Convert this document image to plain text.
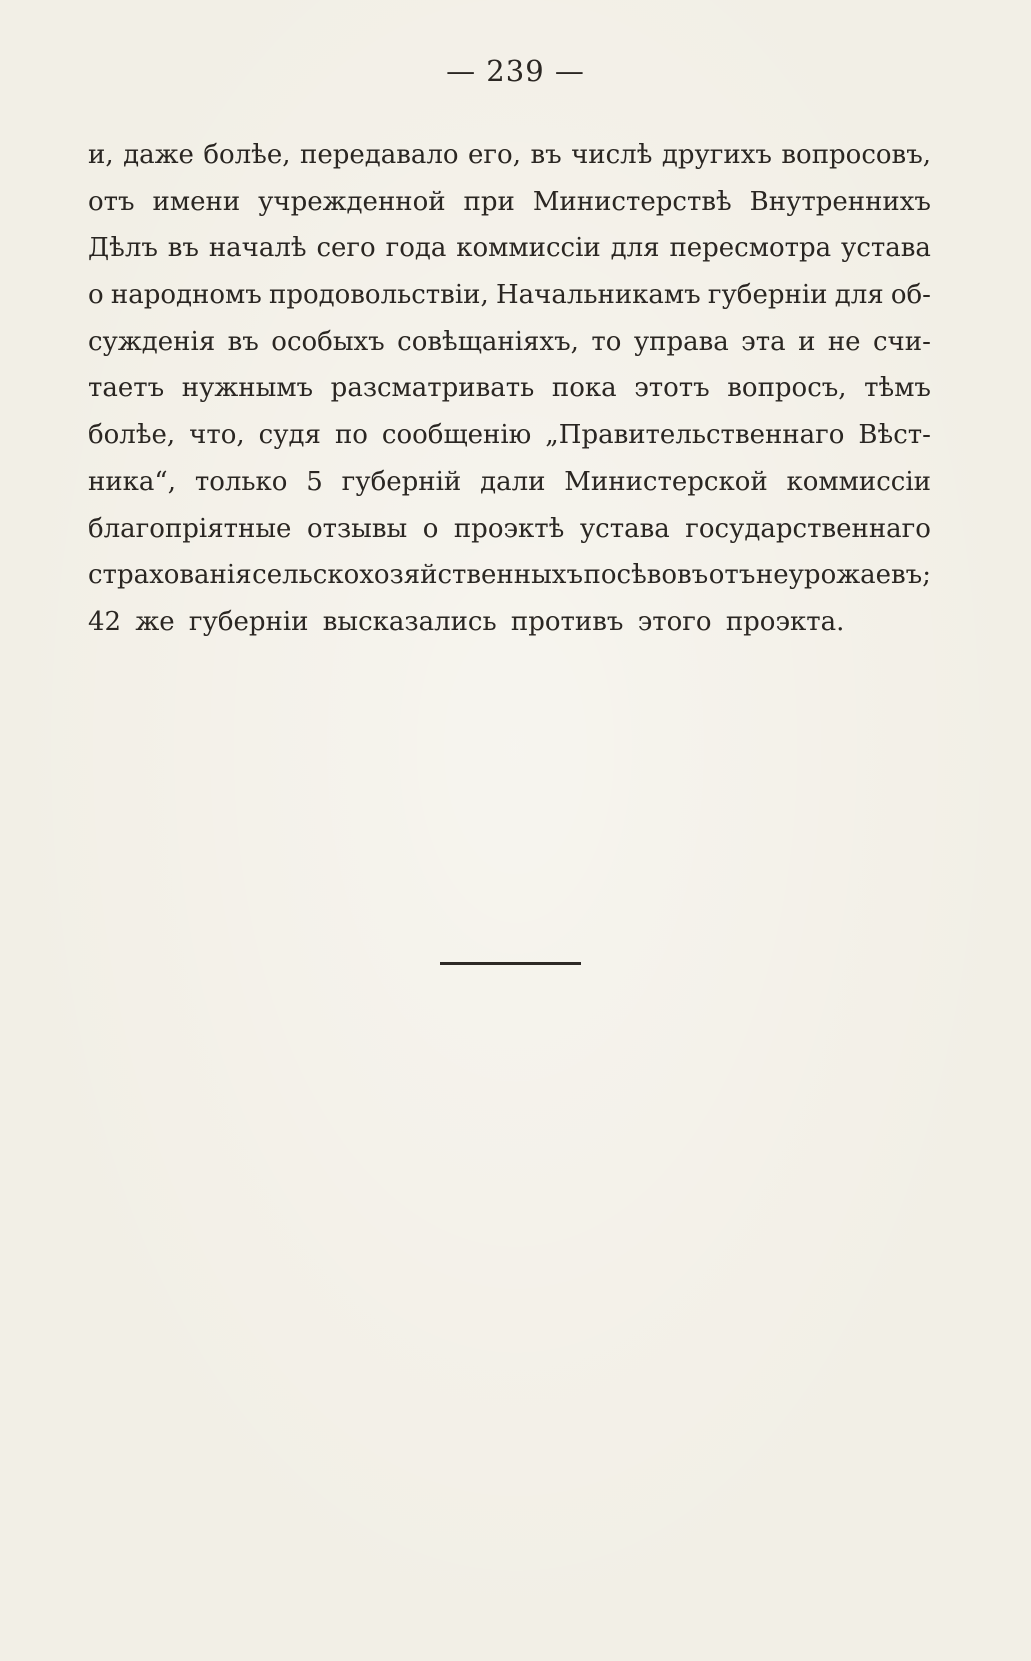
— 239 —
и, даже болѣе, передавало его, въ числѣ другихъ вопросовъ,
отъ имени учрежденной при Министерствѣ Внутреннихъ
Дѣлъ въ началѣ сего года коммиссіи для пересмотра устава
о народномъ продовольствіи, Начальникамъ губерніи для об-
сужденія въ особыхъ совѣщаніяхъ, то управа эта и не счи-
таетъ нужнымъ разсматривать пока этотъ вопросъ, тѣмъ
болѣе, что, судя по сообщенію „Правительственнаго Вѣст-
ника“, только 5 губерній дали Министерской коммиссіи
благопріятные отзывы о проэктѣ устава государственнаго
страхованія сельскохозяйственныхъ посѣвовъ отъ неурожаевъ;
42 же губерніи высказались противъ этого проэкта.
